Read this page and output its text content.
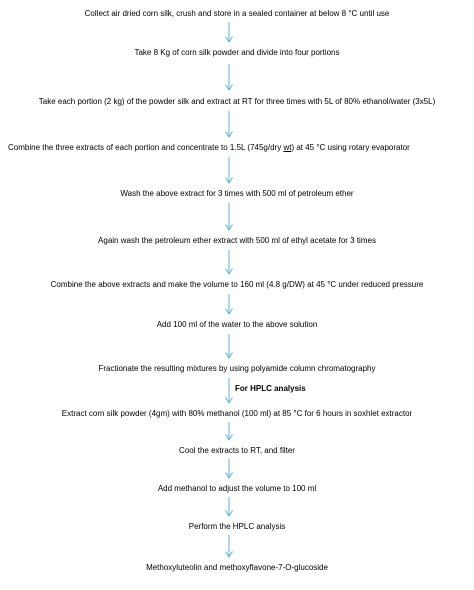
Collect air dried corn silk, crush and store in a sealed container at below 8 °C until use
Take 8 Kg of corn silk powder and divide into four portions
Take each portion (2 kg) of the powder silk and extract at RT for three times with 5L of 80% ethanol/water (3x5L)
Combine the three extracts of each portion and concentrate to 1.5L (745g/dry wt) at 45 °C using rotary evaporator
Wash the above extract for 3 times with 500 ml of petroleum ether
Again wash the petroleum ether extract with 500 ml of ethyl acetate for 3 times
Combine the above extracts and make the volume to 160 ml (4.8 g/DW) at 45 °C under reduced pressure
Add 100 ml of the water to the above solution
Fractionate the resulting mixtures by using polyamide column chromatography
For HPLC analysis
Extract corn silk powder (4gm) with 80% methanol (100 ml) at 85 °C for 6 hours in soxhlet extractor
Cool the extracts to RT, and filter
Add methanol to adjust the volume to 100 ml
Perform the HPLC analysis
Methoxyluteolin and methoxyflavone-7-O-glucoside
